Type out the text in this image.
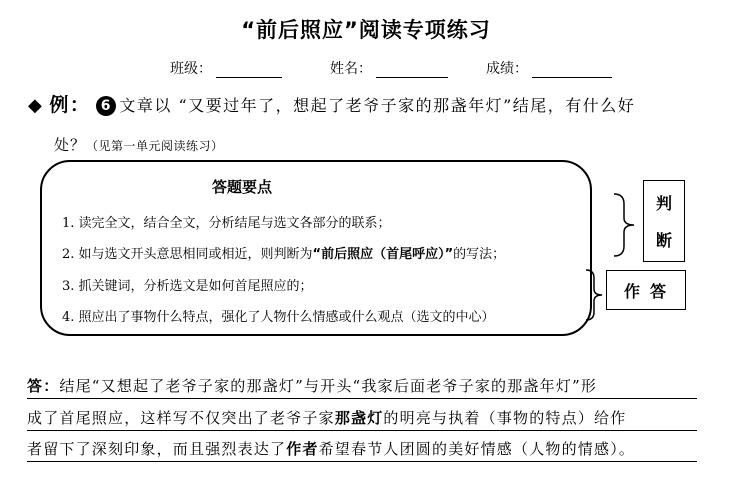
“前后照应”阅读专项练习
班级：	姓名：	成绩：
◆ 例： 6 文章以 “又要过年了，想起了老爷子家的那盏年灯”结尾，有什么好
处？（见第一单元阅读练习）
答题要点
1. 读完全文，结合全文，分析结尾与选文各部分的联系；
2. 如与选文开头意思相同或相近，则判断为“前后照应（首尾呼应）”的写法；
3. 抓关键词，分析选文是如何首尾照应的；
4. 照应出了事物什么特点，强化了人物什么情感或什么观点（选文的中心）
判
断
作答
答：结尾“又想起了老爷子家的那盏灯”与开头“我家后面老爷子家的那盏年灯”形
成了首尾照应，这样写不仅突出了老爷子家那盏灯的明亮与执着（事物的特点）给作
者留下了深刻印象，而且强烈表达了作者希望春节人团圆的美好情感（人物的情感）。
